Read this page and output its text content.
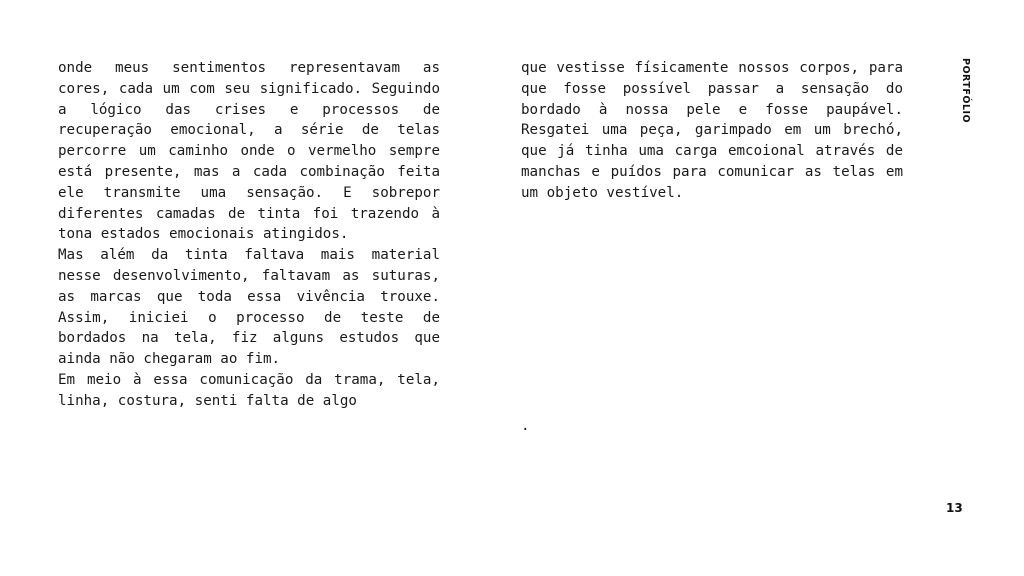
PORTFÓLIO

onde meus sentimentos representavam as cores, cada um com seu significado. Seguindo a lógico das crises e processos de recuperação emocional, a série de telas percorre um caminho onde o vermelho sempre está presente, mas a cada combinação feita ele transmite uma sensação. E sobrepor diferentes camadas de tinta foi trazendo à tona estados emocionais atingidos.

Mas além da tinta faltava mais material nesse desenvolvimento, faltavam as suturas, as marcas que toda essa vivência trouxe. Assim, iniciei o processo de teste de bordados na tela, fiz alguns estudos que ainda não chegaram ao fim.

Em meio à essa comunicação da trama, tela, linha, costura, senti falta de algo

que vestisse físicamente nossos corpos, para que fosse possível passar a sensação do bordado à nossa pele e fosse paupável. Resgatei uma peça, garimpado em um brechó, que já tinha uma carga emcoional através de manchas e puídos para comunicar as telas em um objeto vestível.

.
13
